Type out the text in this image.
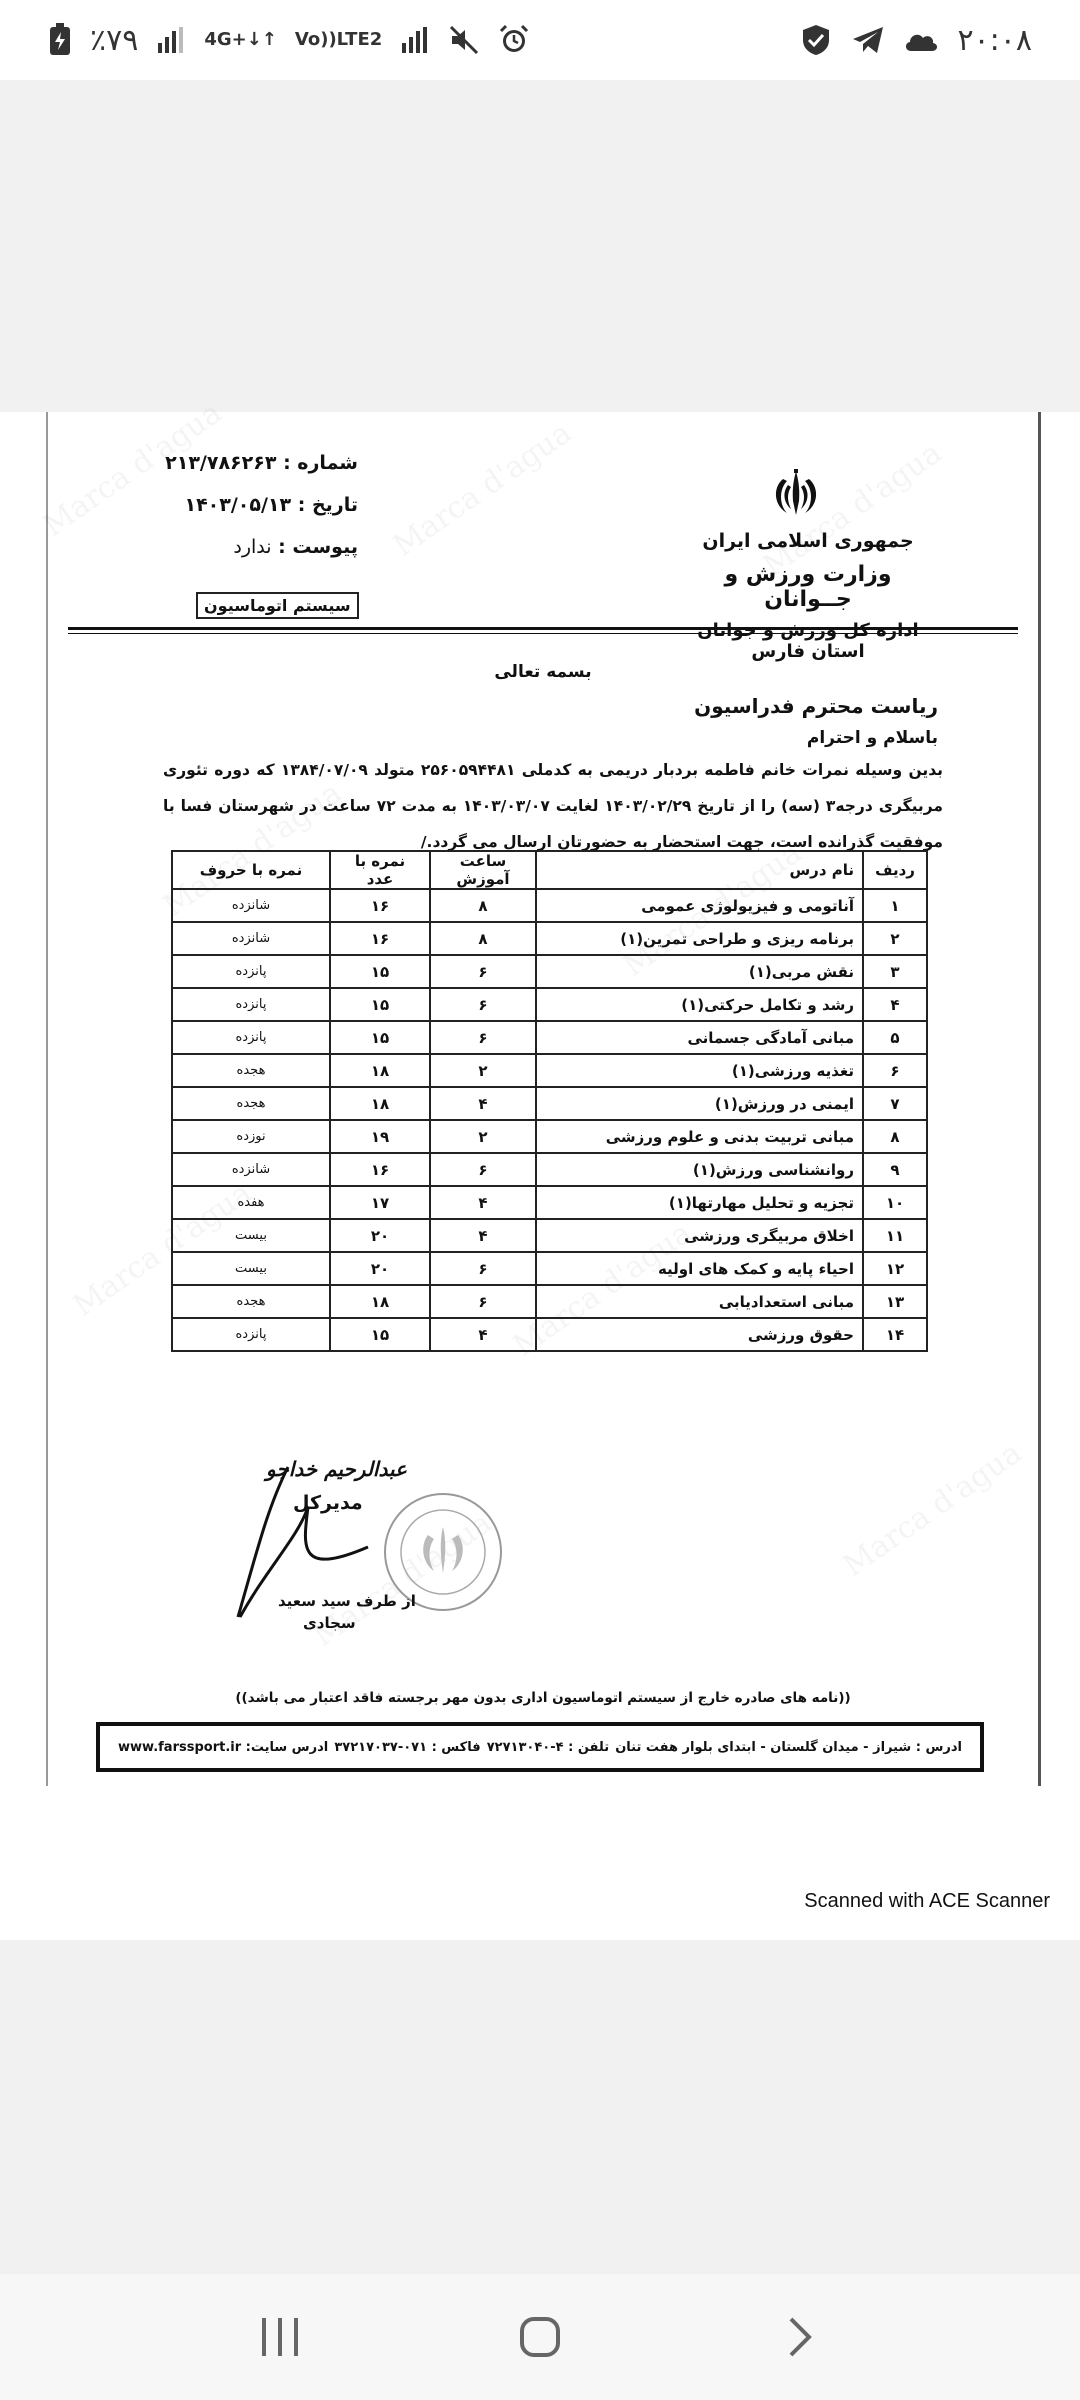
٪۷۹	4G+ ↓↑ Vo)) LTE2	۲۰:۰۸
شماره : ۲۱۳/۷۸۶۲۶۳
تاریخ : ۱۴۰۳/۰۵/۱۳
پیوست : ندارد
سیستم اتوماسیون
جمهوری اسلامی ایران
وزارت ورزش و جــوانان
اداره کل ورزش و جوانان استان فارس
بسمه تعالی
ریاست محترم فدراسیون
باسلام و احترام
بدین وسیله نمرات خانم فاطمه بردبار دریمی به کدملی ۲۵۶۰۵۹۴۴۸۱ متولد ۱۳۸۴/۰۷/۰۹ که دوره تئوری مربیگری درجه۳ (سه) را از تاریخ ۱۴۰۳/۰۲/۲۹ لغایت ۱۴۰۳/۰۳/۰۷ به مدت ۷۲ ساعت در شهرستان فسا با موفقیت گذرانده است، جهت استحضار به حضورتان ارسال می گردد./
ردیف	نام درس	ساعت آموزش	نمره با عدد	نمره با حروف
۱	آناتومی و فیزیولوژی عمومی	۸	۱۶	شانزده
۲	برنامه ریزی و طراحی تمرین(۱)	۸	۱۶	شانزده
۳	نقش مربی(۱)	۶	۱۵	پانزده
۴	رشد و تکامل حرکتی(۱)	۶	۱۵	پانزده
۵	مبانی آمادگی جسمانی	۶	۱۵	پانزده
۶	تغذیه ورزشی(۱)	۲	۱۸	هجده
۷	ایمنی در ورزش(۱)	۴	۱۸	هجده
۸	مبانی تربیت بدنی و علوم ورزشی	۲	۱۹	نوزده
۹	روانشناسی ورزش(۱)	۶	۱۶	شانزده
۱۰	تجزیه و تحلیل مهارتها(۱)	۴	۱۷	هفده
۱۱	اخلاق مربیگری ورزشی	۴	۲۰	بیست
۱۲	احیاء پایه و کمک های اولیه	۶	۲۰	بیست
۱۳	مبانی استعدادیابی	۶	۱۸	هجده
۱۴	حقوق ورزشی	۴	۱۵	پانزده
عبدالرحیم خداجو
مدیرکل
از طرف سید سعید
سجادی
((نامه های صادره خارج از سیستم اتوماسیون اداری بدون مهر برجسته فاقد اعتبار می باشد))
ادرس : شیراز - میدان گلستان - ابتدای بلوار هفت تنان
تلفن : ۴-۷۲۷۱۳۰۴۰
فاکس : ۰۷۱-۳۷۲۱۷۰۳۷
ادرس سایت: www.farssport.ir
Scanned with ACE Scanner
